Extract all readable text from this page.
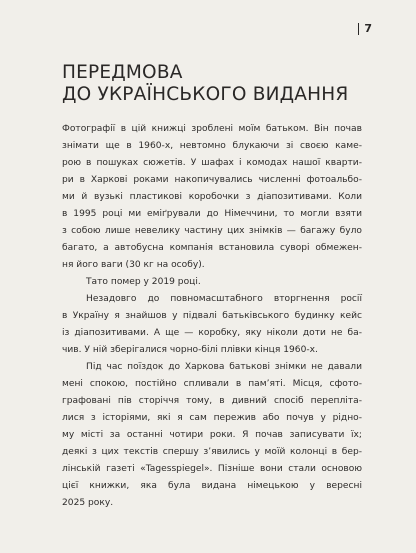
7
ПЕРЕДМОВА
ДО УКРАЇНСЬКОГО ВИДАННЯ
Фотографії в цій книжці зроблені моїм батьком. Він почав
знімати ще в 1960-х, невтомно блукаючи зі своєю каме-
рою в пошуках сюжетів. У шафах і комодах нашої кварти-
ри в Харкові роками накопичувались численні фотоальбо-
ми й вузькі пластикові коробочки з діапозитивами. Коли
в 1995 році ми еміґрували до Німеччини, то могли взяти
з собою лише невелику частину цих знімків — багажу було
багато, а автобусна компанія встановила суворі обмежен-
ня його ваги (30 кг на особу).
Тато помер у 2019 році.
Незадовго до повномасштабного вторгнення росії
в Україну я знайшов у підвалі батьківського будинку кейс
із діапозитивами. А ще — коробку, яку ніколи доти не ба-
чив. У ній зберігалися чорно-білі плівки кінця 1960-х.
Під час поїздок до Харкова батькові знімки не давали
мені спокою, постійно спливали в пам’яті. Місця, сфото-
графовані пів сторіччя тому, в дивний спосіб перепліта-
лися з історіями, які я сам пережив або почув у рідно-
му місті за останні чотири роки. Я почав записувати їх;
деякі з цих текстів спершу з’явились у моїй колонці в бер-
лінській газеті «Tagesspiegel». Пізніше вони стали основою
цієї книжки, яка була видана німецькою у вересні
2025 року.
